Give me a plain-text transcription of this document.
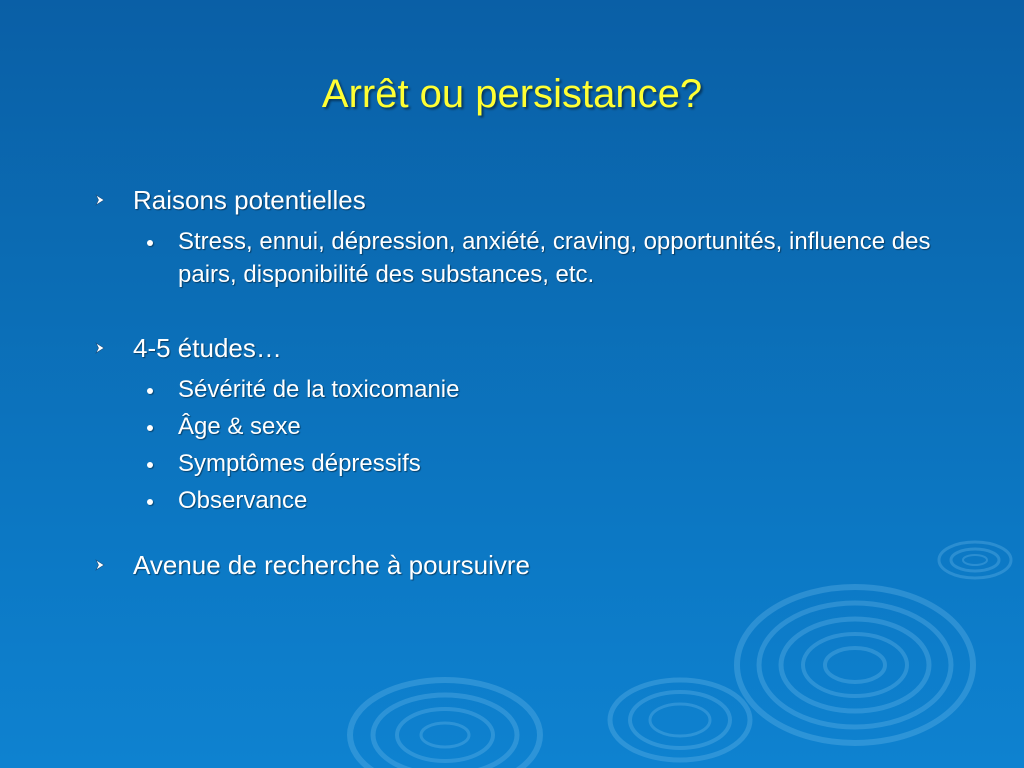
Arrêt ou persistance?
Raisons potentielles
Stress, ennui, dépression, anxiété, craving, opportunités, influence des pairs, disponibilité des substances, etc.
4-5 études…
Sévérité de la toxicomanie
Âge & sexe
Symptômes dépressifs
Observance
Avenue de recherche à poursuivre
